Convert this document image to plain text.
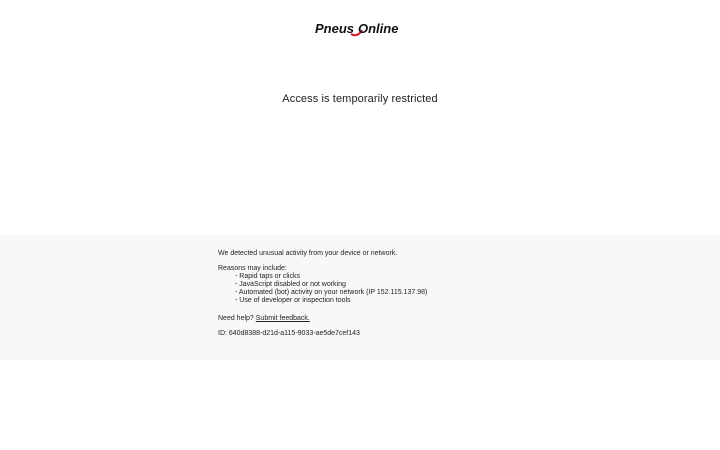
Pneus Online
Access is temporarily restricted

We detected unusual activity from your device or network.

Reasons may include:

- Rapid taps or clicks
- JavaScript disabled or not working
- Automated (bot) activity on your network (IP 152.115.137.98)
- Use of developer or inspection tools

Need help? Submit feedback.

ID: 640d8388-d21d-a115-9033-ae5de7cef143
